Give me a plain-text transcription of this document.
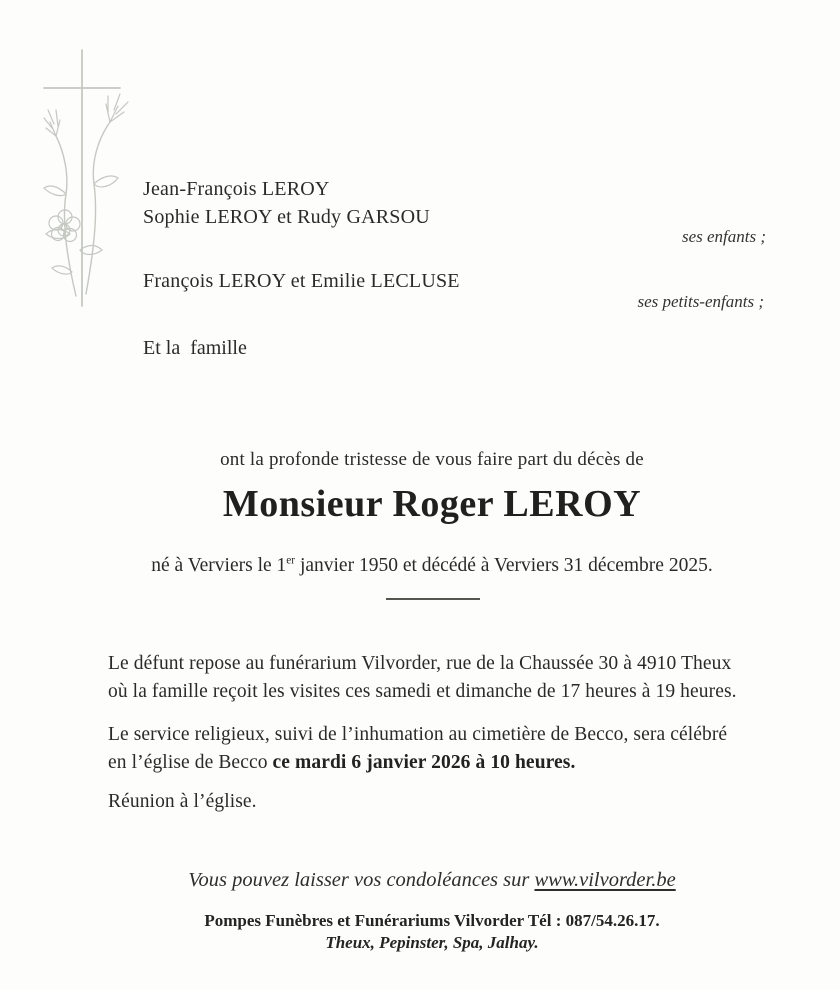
Jean-François LEROY
Sophie LEROY et Rudy GARSOU
ses enfants ;
François LEROY et Emilie LECLUSE
ses petits-enfants ;
Et la  famille
ont la profonde tristesse de vous faire part du décès de
Monsieur Roger LEROY
né à Verviers le 1er janvier 1950 et décédé à Verviers 31 décembre 2025.
Le défunt repose au funérarium Vilvorder, rue de la Chaussée 30 à 4910 Theux
où la famille reçoit les visites ces samedi et dimanche de 17 heures à 19 heures.
Le service religieux, suivi de l’inhumation au cimetière de Becco, sera célébré
en l’église de Becco ce mardi 6 janvier 2026 à 10 heures.
Réunion à l’église.
Vous pouvez laisser vos condoléances sur www.vilvorder.be
Pompes Funèbres et Funérariums Vilvorder Tél : 087/54.26.17.
Theux, Pepinster, Spa, Jalhay.
